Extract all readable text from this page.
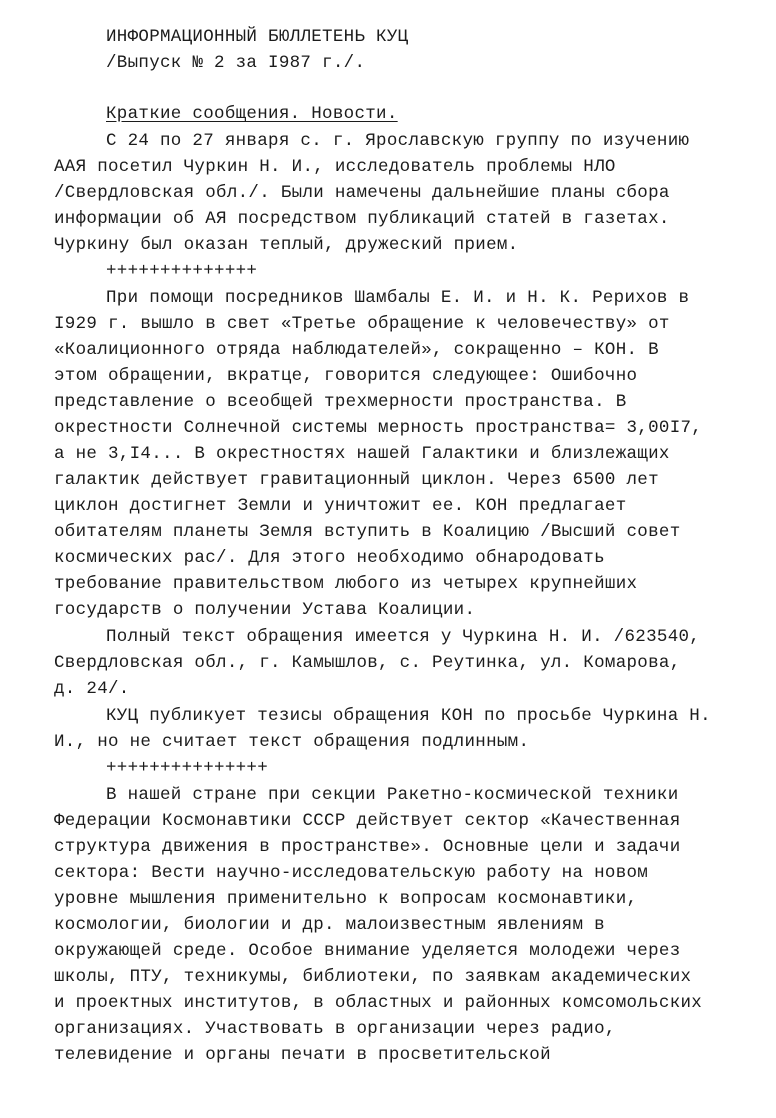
ИНФОРМАЦИОННЫЙ БЮЛЛЕТЕНЬ КУЦ
/Выпуск № 2 за I987 г./.
Краткие сообщения. Новости.
С 24 по 27 января с. г. Ярославскую группу по изучению
ААЯ посетил Чуркин Н. И., исследователь проблемы НЛО
/Свердловская обл./. Были намечены дальнейшие планы сбора
информации об АЯ посредством публикаций статей в газетах.
Чуркину был оказан теплый, дружеский прием.
++++++++++++++
При помощи посредников Шамбалы Е. И. и Н. К. Рерихов в
I929 г. вышло в свет «Третье обращение к человечеству» от
«Коалиционного отряда наблюдателей», сокращенно – КОН. В
этом обращении, вкратце, говорится следующее: Ошибочно
представление о всеобщей трехмерности пространства. В
окрестности Солнечной системы мерность пространства= 3,00I7,
а не 3,I4... В окрестностях нашей Галактики и близлежащих
галактик действует гравитационный циклон. Через 6500 лет
циклон достигнет Земли и уничтожит ее. КОН предлагает
обитателям планеты Земля вступить в Коалицию /Высший совет
космических рас/. Для этого необходимо обнародовать
требование правительством любого из четырех крупнейших
государств о получении Устава Коалиции.
Полный текст обращения имеется у Чуркина Н. И. /623540,
Свердловская обл., г. Камышлов, с. Реутинка, ул. Комарова,
д. 24/.
КУЦ публикует тезисы обращения КОН по просьбе Чуркина Н.
И., но не считает текст обращения подлинным.
+++++++++++++++
В нашей стране при секции Ракетно-космической техники
Федерации Космонавтики СССР действует сектор «Качественная
структура движения в пространстве». Основные цели и задачи
сектора: Вести научно-исследовательскую работу на новом
уровне мышления применительно к вопросам космонавтики,
космологии, биологии и др. малоизвестным явлениям в
окружающей среде. Особое внимание уделяется молодежи через
школы, ПТУ, техникумы, библиотеки, по заявкам академических
и проектных институтов, в областных и районных комсомольских
организациях. Участвовать в организации через радио,
телевидение и органы печати в просветительской
